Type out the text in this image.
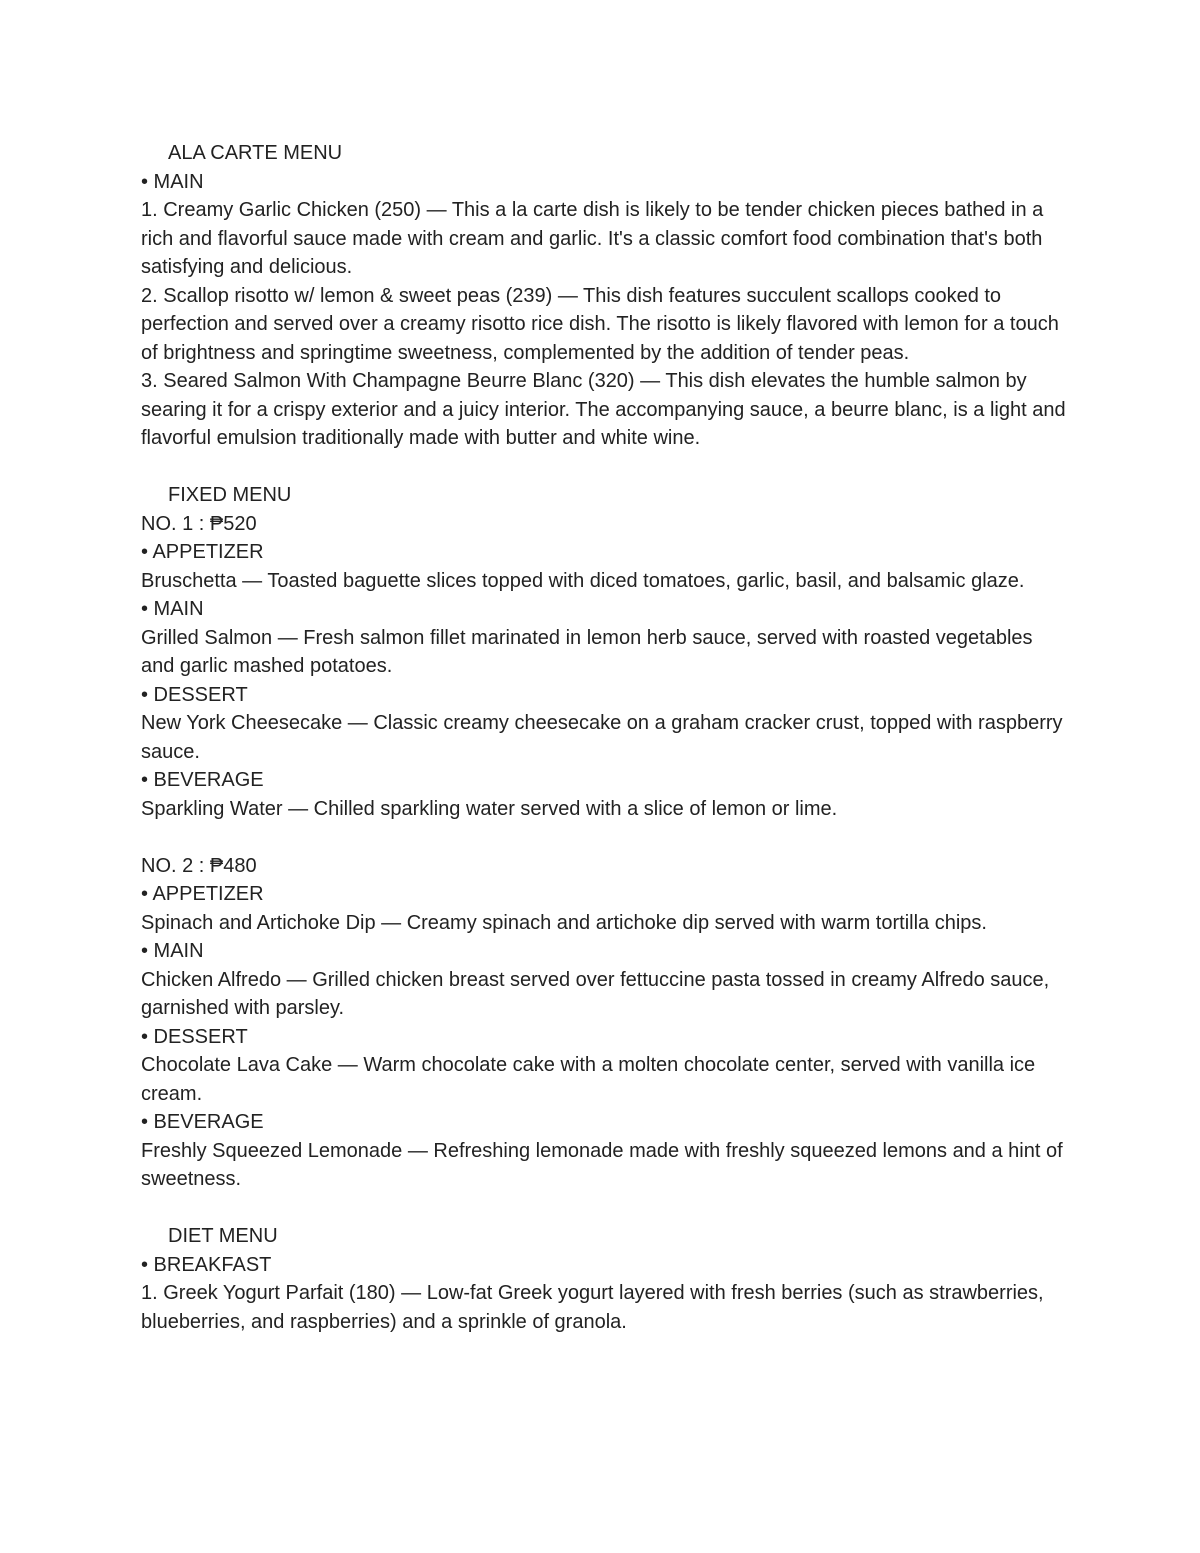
ALA CARTE MENU

• MAIN

1. Creamy Garlic Chicken (250) — This a la carte dish is likely to be tender chicken pieces bathed in a rich and flavorful sauce made with cream and garlic. It's a classic comfort food combination that's both satisfying and delicious.

2. Scallop risotto w/ lemon & sweet peas (239) — This dish features succulent scallops cooked to perfection and served over a creamy risotto rice dish. The risotto is likely flavored with lemon for a touch of brightness and springtime sweetness, complemented by the addition of tender peas.

3. Seared Salmon With Champagne Beurre Blanc (320) — This dish elevates the humble salmon by searing it for a crispy exterior and a juicy interior. The accompanying sauce, a beurre blanc, is a light and flavorful emulsion traditionally made with butter and white wine.

FIXED MENU

NO. 1 : ₱520

• APPETIZER

Bruschetta — Toasted baguette slices topped with diced tomatoes, garlic, basil, and balsamic glaze.

• MAIN

Grilled Salmon — Fresh salmon fillet marinated in lemon herb sauce, served with roasted vegetables and garlic mashed potatoes.

• DESSERT

New York Cheesecake — Classic creamy cheesecake on a graham cracker crust, topped with raspberry sauce.

• BEVERAGE

Sparkling Water — Chilled sparkling water served with a slice of lemon or lime.

NO. 2 : ₱480

• APPETIZER

Spinach and Artichoke Dip — Creamy spinach and artichoke dip served with warm tortilla chips.

• MAIN

Chicken Alfredo — Grilled chicken breast served over fettuccine pasta tossed in creamy Alfredo sauce, garnished with parsley.

• DESSERT

Chocolate Lava Cake — Warm chocolate cake with a molten chocolate center, served with vanilla ice cream.

• BEVERAGE

Freshly Squeezed Lemonade — Refreshing lemonade made with freshly squeezed lemons and a hint of sweetness.

DIET MENU

• BREAKFAST

1. Greek Yogurt Parfait (180) — Low-fat Greek yogurt layered with fresh berries (such as strawberries, blueberries, and raspberries) and a sprinkle of granola.
